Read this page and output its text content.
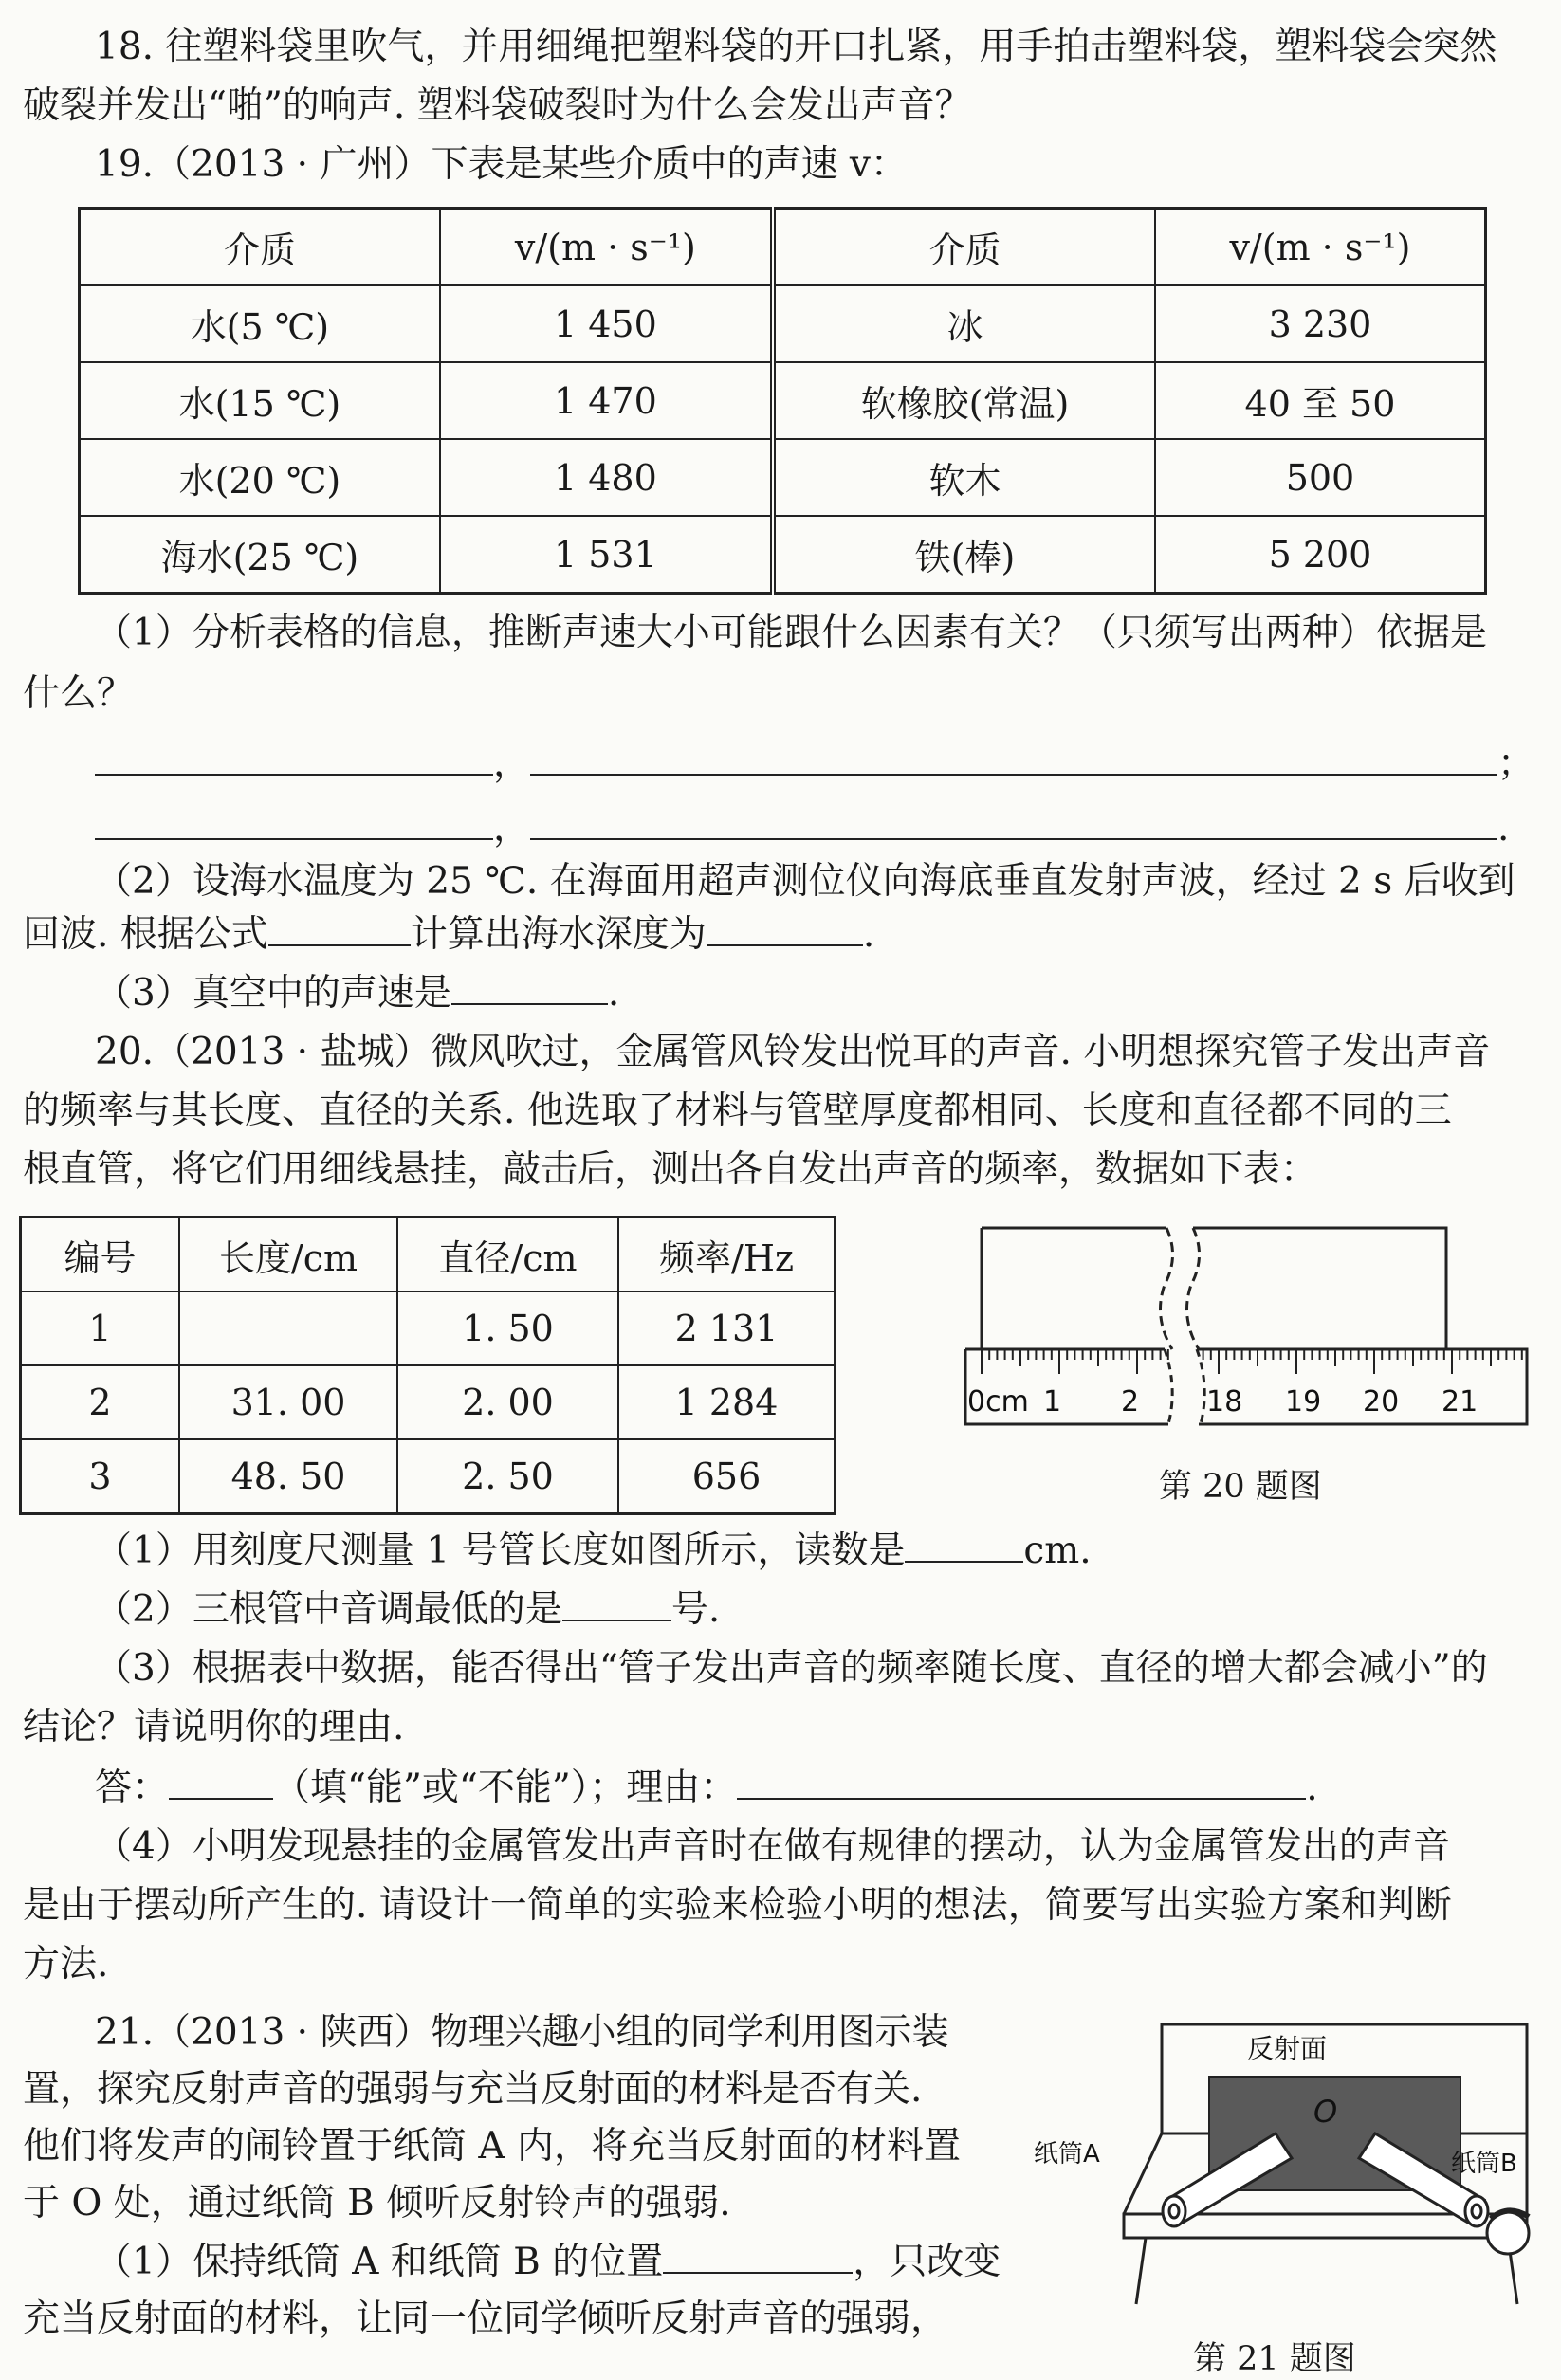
18. 往塑料袋里吹气，并用细绳把塑料袋的开口扎紧，用手拍击塑料袋，塑料袋会突然
破裂并发出“啪”的响声. 塑料袋破裂时为什么会发出声音？
19.（2013 · 广州）下表是某些介质中的声速 v：
介质	v/(m · s⁻¹)	介质	v/(m · s⁻¹)
水(5 ℃)	1 450	冰	3 230
水(15 ℃)	1 470	软橡胶(常温)	40 至 50
水(20 ℃)	1 480	软木	500
海水(25 ℃)	1 531	铁(棒)	5 200
（1）分析表格的信息，推断声速大小可能跟什么因素有关？（只须写出两种）依据是
什么？
，	；
，	.
（2）设海水温度为 25 ℃. 在海面用超声测位仪向海底垂直发射声波，经过 2 s 后收到
回波. 根据公式	计算出海水深度为	.
（3）真空中的声速是	.
20.（2013 · 盐城）微风吹过，金属管风铃发出悦耳的声音. 小明想探究管子发出声音
的频率与其长度、直径的关系. 他选取了材料与管壁厚度都相同、长度和直径都不同的三
根直管，将它们用细线悬挂，敲击后，测出各自发出声音的频率，数据如下表：
编号	长度/cm	直径/cm	频率/Hz
1		1. 50	2 131
2	31. 00	2. 00	1 284
3	48. 50	2. 50	656
0cm 1 2 18 19 20 21
第 20 题图
（1）用刻度尺测量 1 号管长度如图所示，读数是	cm.
（2）三根管中音调最低的是	号.
（3）根据表中数据，能否得出“管子发出声音的频率随长度、直径的增大都会减小”的
结论？请说明你的理由.
答：	（填“能”或“不能”）；理由：	.
（4）小明发现悬挂的金属管发出声音时在做有规律的摆动，认为金属管发出的声音
是由于摆动所产生的. 请设计一简单的实验来检验小明的想法，简要写出实验方案和判断
方法.
21.（2013 · 陕西）物理兴趣小组的同学利用图示装
置，探究反射声音的强弱与充当反射面的材料是否有关.
他们将发声的闹铃置于纸筒 A 内，将充当反射面的材料置
于 O 处，通过纸筒 B 倾听反射铃声的强弱.
（1）保持纸筒 A 和纸筒 B 的位置	，只改变
充当反射面的材料，让同一位同学倾听反射声音的强弱，
反射面
O
纸筒A	纸筒B
第 21 题图
